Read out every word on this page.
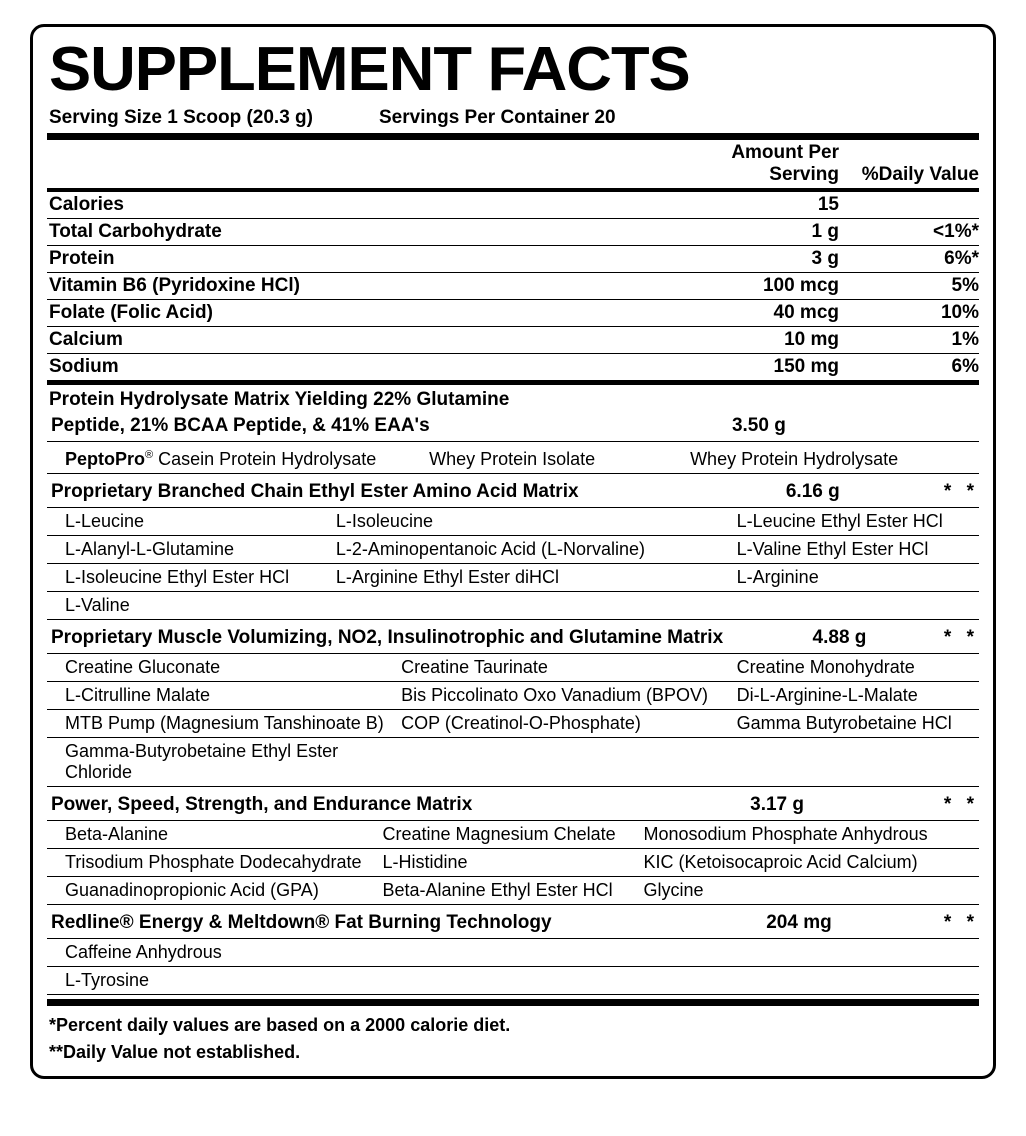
SUPPLEMENT FACTS
Serving Size 1 Scoop (20.3 g)	Servings Per Container 20
	Amount Per Serving	%Daily Value
Calories	15	
Total Carbohydrate	1 g	<1%*
Protein	3 g	6%*
Vitamin B6 (Pyridoxine HCl)	100 mcg	5%
Folate (Folic Acid)	40 mcg	10%
Calcium	10 mg	1%
Sodium	150 mg	6%
Protein Hydrolysate Matrix Yielding 22% Glutamine
Peptide, 21% BCAA Peptide, & 41% EAA's		3.50 g
PeptoPro® Casein Protein Hydrolysate	Whey Protein Isolate	Whey Protein Hydrolysate
Proprietary Branched Chain Ethyl Ester Amino Acid Matrix		6.16 g	* *
L-Leucine	L-Isoleucine	L-Leucine Ethyl Ester HCl
L-Alanyl-L-Glutamine	L-2-Aminopentanoic Acid (L-Norvaline)	L-Valine Ethyl Ester HCl
L-Isoleucine Ethyl Ester HCl	L-Arginine Ethyl Ester diHCl	L-Arginine
L-Valine		
Proprietary Muscle Volumizing, NO2, Insulinotrophic and Glutamine Matrix		4.88 g	* *
Creatine Gluconate	Creatine Taurinate	Creatine Monohydrate
L-Citrulline Malate	Bis Piccolinato Oxo Vanadium (BPOV)	Di-L-Arginine-L-Malate
MTB Pump (Magnesium Tanshinoate B)	COP (Creatinol-O-Phosphate)	Gamma Butyrobetaine HCl
Gamma-Butyrobetaine Ethyl Ester Chloride		
Power, Speed, Strength, and Endurance Matrix		3.17 g	* *
Beta-Alanine	Creatine Magnesium Chelate	Monosodium Phosphate Anhydrous
Trisodium Phosphate Dodecahydrate	L-Histidine	KIC (Ketoisocaproic Acid Calcium)
Guanadinopropionic Acid (GPA)	Beta-Alanine Ethyl Ester HCl	Glycine
Redline® Energy & Meltdown® Fat Burning Technology		204 mg	* *
Caffeine Anhydrous
L-Tyrosine
*Percent daily values are based on a 2000 calorie diet.
**Daily Value not established.
